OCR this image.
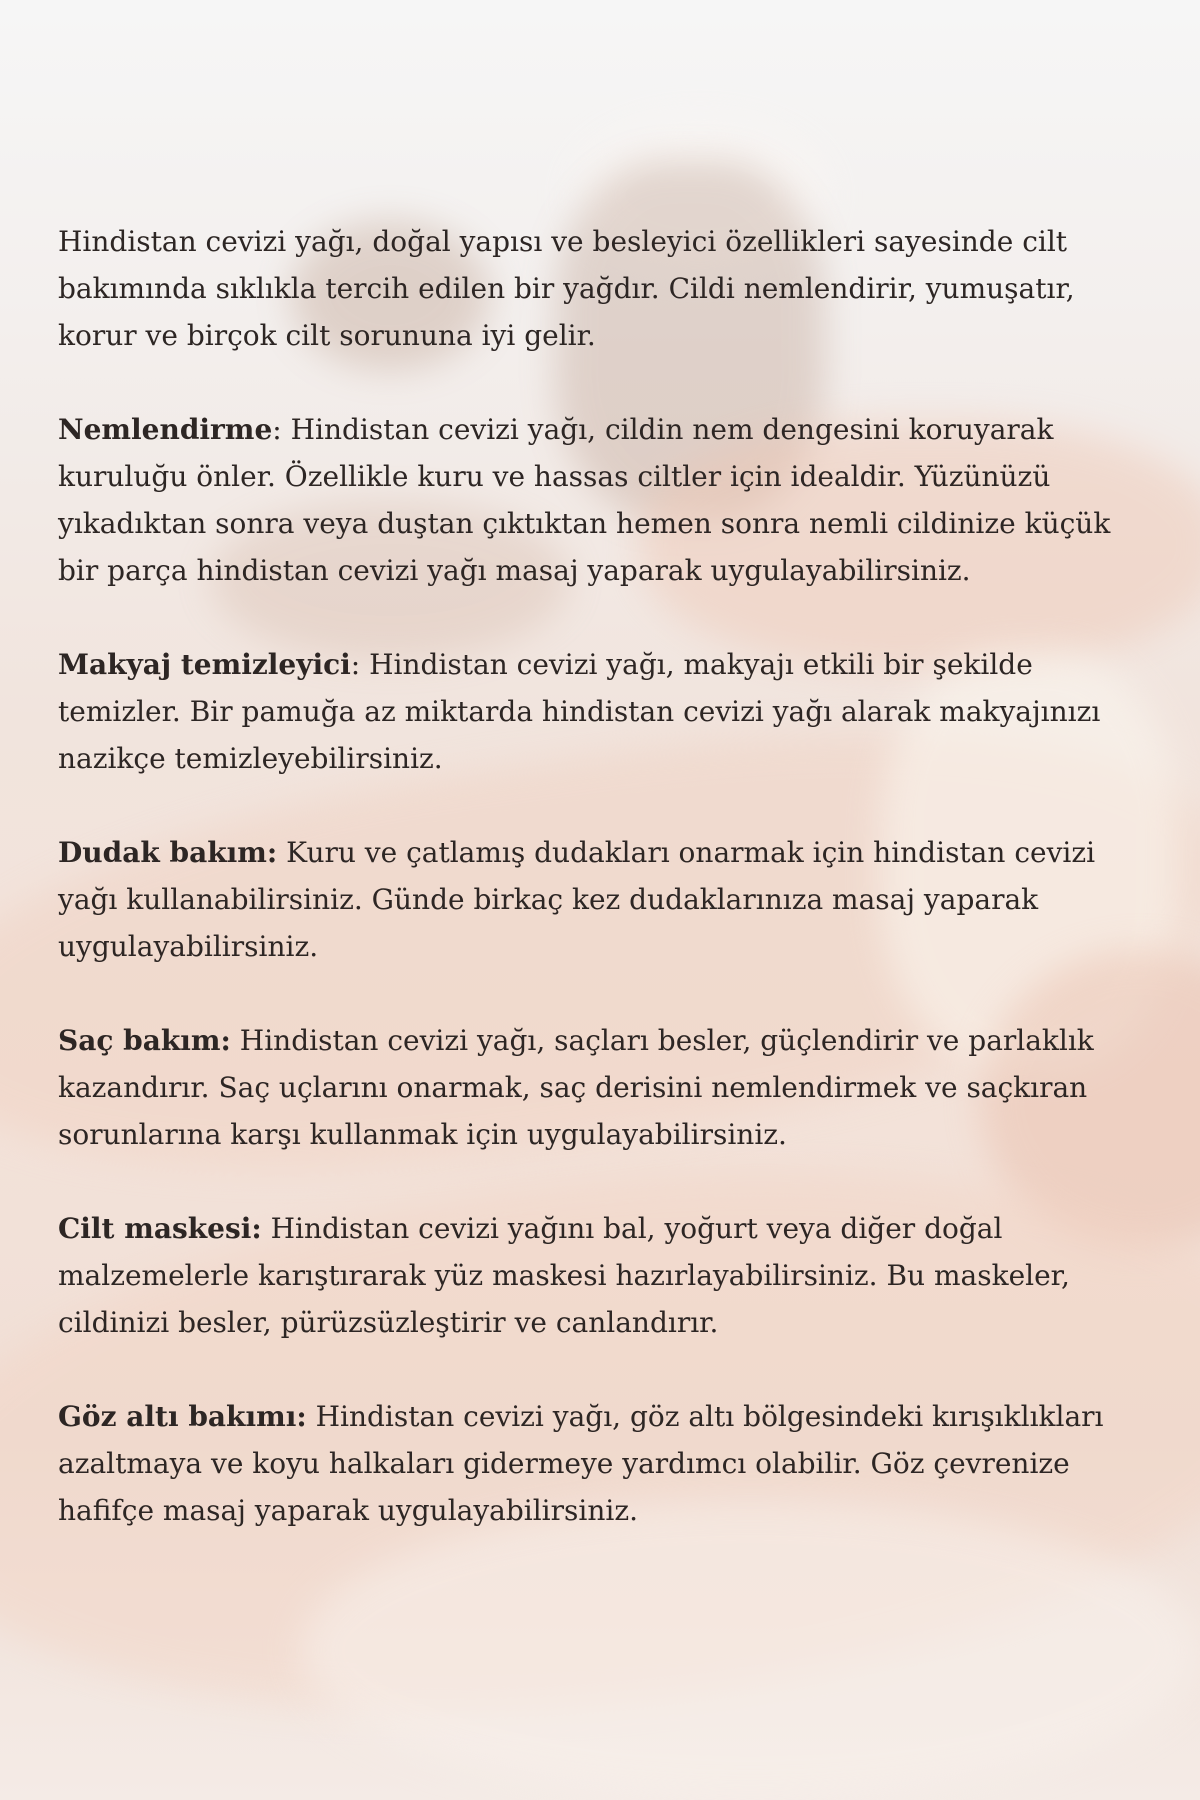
Hindistan cevizi yağı, doğal yapısı ve besleyici özellikleri sayesinde cilt bakımında sıklıkla tercih edilen bir yağdır. Cildi nemlendirir, yumuşatır, korur ve birçok cilt sorununa iyi gelir.

Nemlendirme: Hindistan cevizi yağı, cildin nem dengesini koruyarak kuruluğu önler. Özellikle kuru ve hassas ciltler için idealdir. Yüzünüzü yıkadıktan sonra veya duştan çıktıktan hemen sonra nemli cildinize küçük bir parça hindistan cevizi yağı masaj yaparak uygulayabilirsiniz.

Makyaj temizleyici: Hindistan cevizi yağı, makyajı etkili bir şekilde temizler. Bir pamuğa az miktarda hindistan cevizi yağı alarak makyajınızı nazikçe temizleyebilirsiniz.

Dudak bakım: Kuru ve çatlamış dudakları onarmak için hindistan cevizi yağı kullanabilirsiniz. Günde birkaç kez dudaklarınıza masaj yaparak uygulayabilirsiniz.

Saç bakım: Hindistan cevizi yağı, saçları besler, güçlendirir ve parlaklık kazandırır. Saç uçlarını onarmak, saç derisini nemlendirmek ve saçkıran sorunlarına karşı kullanmak için uygulayabilirsiniz.

Cilt maskesi: Hindistan cevizi yağını bal, yoğurt veya diğer doğal malzemelerle karıştırarak yüz maskesi hazırlayabilirsiniz. Bu maskeler, cildinizi besler, pürüzsüzleştirir ve canlandırır.

Göz altı bakımı: Hindistan cevizi yağı, göz altı bölgesindeki kırışıklıkları azaltmaya ve koyu halkaları gidermeye yardımcı olabilir. Göz çevrenize hafifçe masaj yaparak uygulayabilirsiniz.
